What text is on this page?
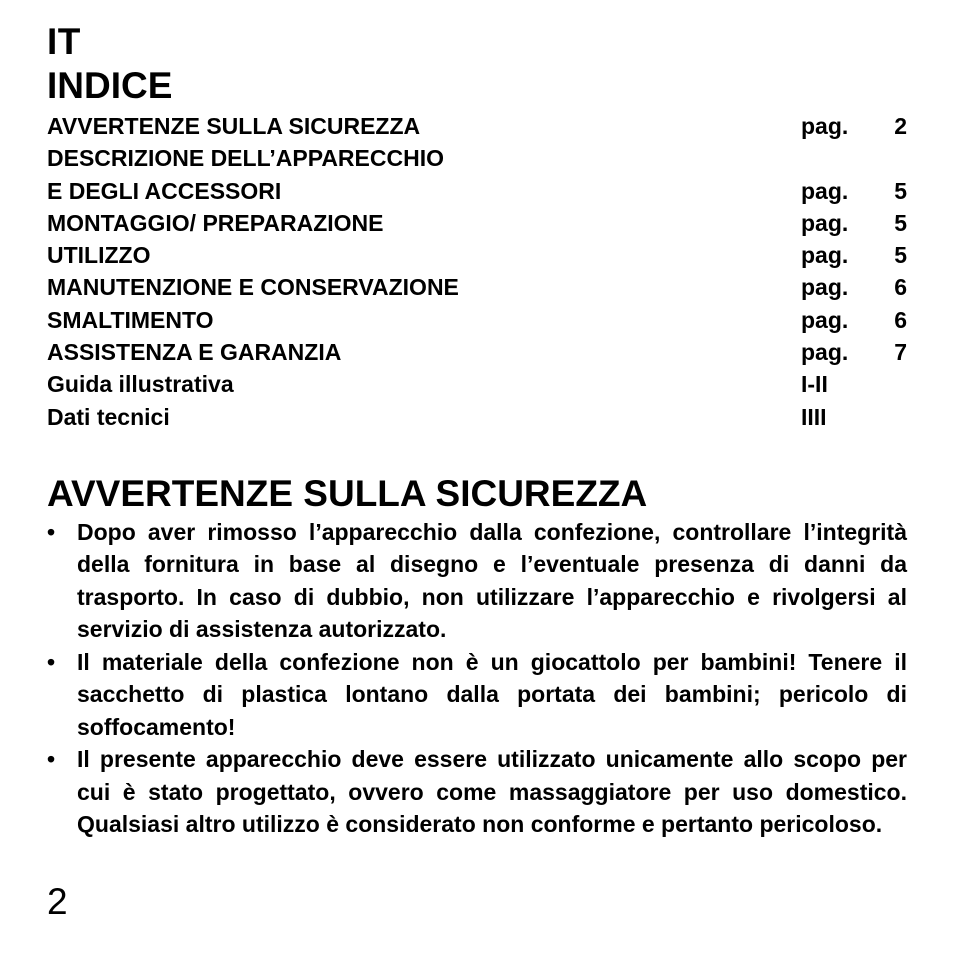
IT
INDICE
AVVERTENZE SULLA SICUREZZA	pag. 2
DESCRIZIONE DELL’APPARECCHIO
E DEGLI ACCESSORI	pag. 5
MONTAGGIO/ PREPARAZIONE	pag. 5
UTILIZZO	pag. 5
MANUTENZIONE E CONSERVAZIONE	pag. 6
SMALTIMENTO	pag. 6
ASSISTENZA E GARANZIA	pag. 7
Guida illustrativa	I-II
Dati tecnici	IIII
AVVERTENZE SULLA SICUREZZA
• Dopo aver rimosso l’apparecchio dalla confezione, controllare l’integrità della fornitura in base al disegno e l’eventuale presenza di danni da trasporto. In caso di dubbio, non utilizzare l’apparecchio e rivolgersi al servizio di assistenza autorizzato.
• Il materiale della confezione non è un giocattolo per bambini! Tenere il sacchetto di plastica lontano dalla portata dei bambini; pericolo di soffocamento!
• Il presente apparecchio deve essere utilizzato unicamente allo scopo per cui è stato progettato, ovvero come massaggiatore per uso domestico. Qualsiasi altro utilizzo è considerato non conforme e pertanto pericoloso.
2
